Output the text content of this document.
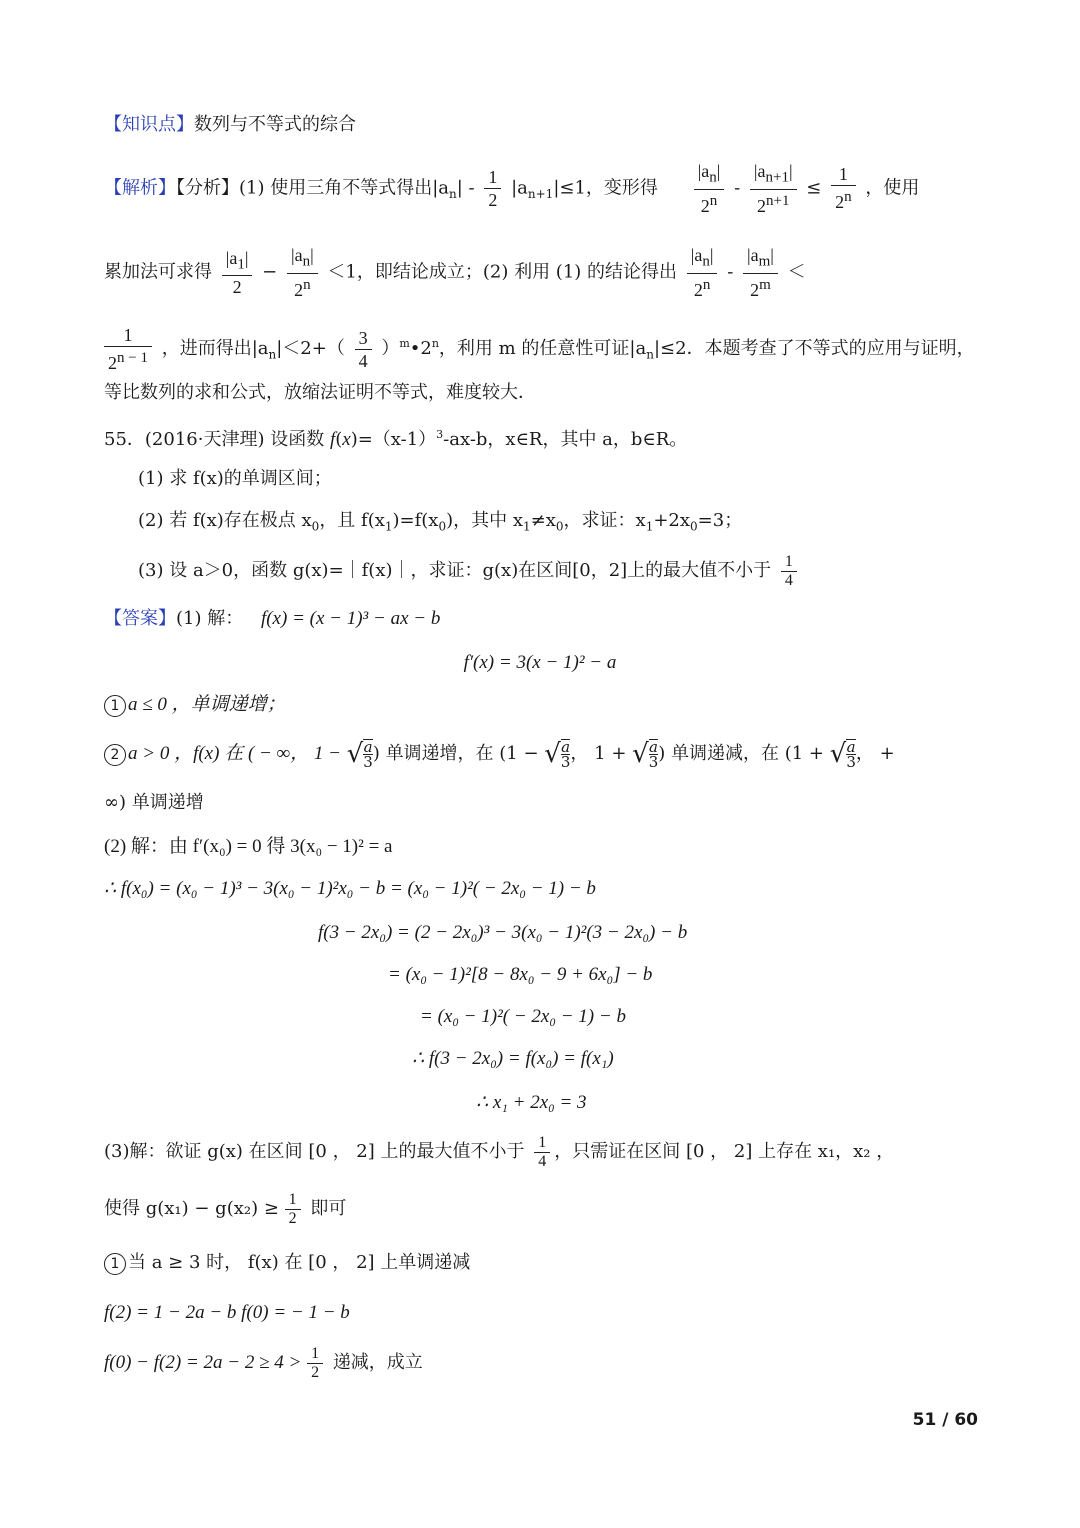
【知识点】数列与不等式的综合
【解析】【分析】(1) 使用三角不等式得出$|a_n| - \frac{1}{2} |a_{n+1}|\le 1$，变形得 $\frac{|a_n|}{2^n} - \frac{|a_{n+1}|}{2^{n+1}} \le \frac{1}{2^n}$ ，使用
累加法可求得 $\frac{|a_1|}{2} - \frac{|a_n|}{2^n} <1$，即结论成立；(2) 利用 (1) 的结论得出 $\frac{|a_n|}{2^n} - \frac{|a_m|}{2^m}$ ＜
$\frac{1}{2^{n - 1}}$ ，进而得出$|a_n|<2+( \frac{3}{4}$ ）$^m•2^n$，利用 m 的任意性可证$|a_n|\le 2$．本题考查了不等式的应用与证明，
等比数列的求和公式，放缩法证明不等式，难度较大．
55．(2016·天津理) 设函数 $f(x)=(x-1)^3-ax-b$，x∈R，其中 a，b∈R。
(1) 求 f(x)的单调区间；
(2) 若 f(x)存在极点 $x_0$，且 $f(x_1)=f(x_0)$，其中 $x_1\ne x_0$，求证：$x_1+2x_0=3$；
(3) 设 a＞0，函数 g(x)=｜f(x)｜，求证：g(x)在区间[0，2]上的最大值不小于 $\frac{1}{4}$
【答案】(1) 解： f(x) = (x − 1)³ − ax − b
f′(x) = 3(x − 1)² − a
1 a ≤ 0 ，单调递增；
2 a > 0 ，f(x) 在 ( − ∞， 1 − √ $\frac{a}{3}$ ) 单调递增，在 (1 − √ $\frac{a}{3}$ ， 1 + √ $\frac{a}{3}$ ) 单调递减，在 (1 + √ $\frac{a}{3}$ ， +
∞) 单调递增
(2) 解：由 f′(x₀) = 0 得 3(x₀ − 1)² = a
∴ f(x₀) = (x₀ − 1)³ − 3(x₀ − 1)²x₀ − b = (x₀ − 1)²( − 2x₀ − 1) − b
f(3 − 2x₀) = (2 − 2x₀)³ − 3(x₀ − 1)²(3 − 2x₀) − b
= (x₀ − 1)²[8 − 8x₀ − 9 + 6x₀] − b
= (x₀ − 1)²( − 2x₀ − 1) − b
∴ f(3 − 2x₀) = f(x₀) = f(x₁)
∴ x₁ + 2x₀ = 3
(3)解：欲证 g(x) 在区间 [0 ， 2] 上的最大值不小于 $\frac{1}{4}$ ，只需证在区间 [0 ， 2] 上存在 x₁，x₂ ，
使得 $g(x_1) - g(x_2) \ge \frac{1}{2}$ 即可
1 当 a ≥ 3 时， f(x) 在 [0 ， 2] 上单调递减
f(2) = 1 − 2a − b f(0) = − 1 − b
$f(0) - f(2) = 2a - 2 \ge 4 > \frac{1}{2}$ 递减，成立
51 / 60
